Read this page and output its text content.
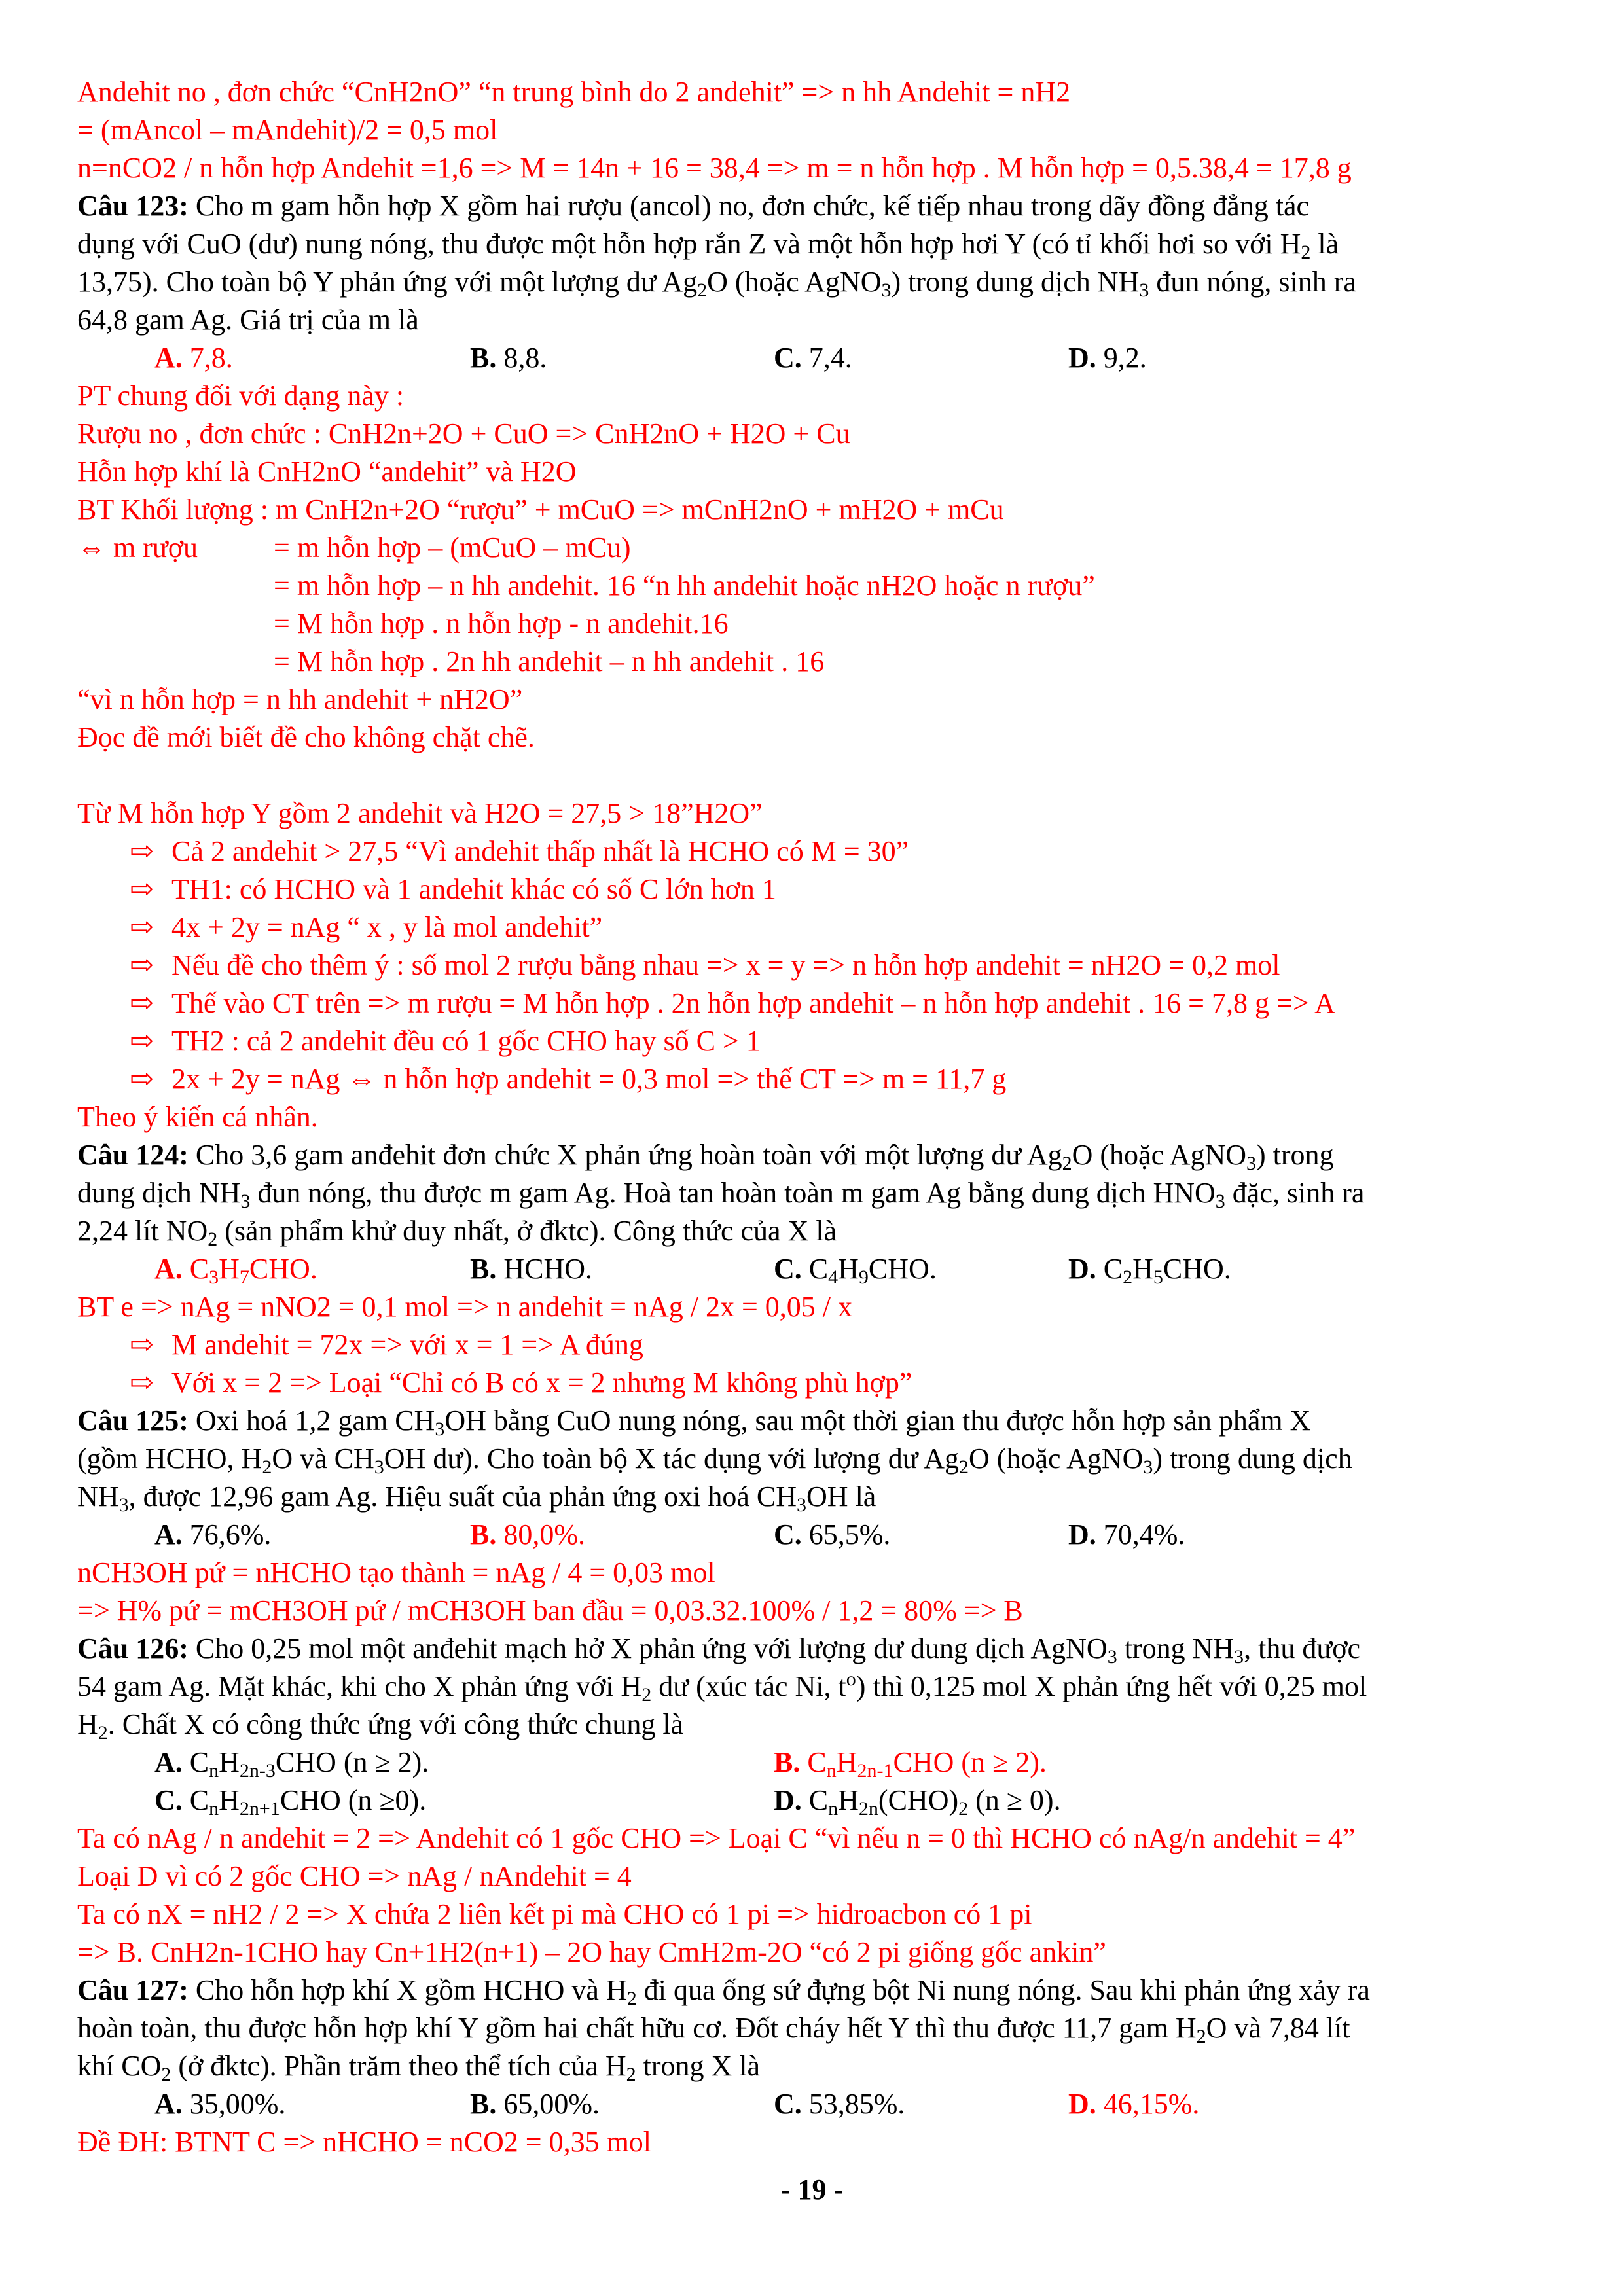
Andehit no , đơn chức “CnH2nO” “n trung bình do 2 andehit” => n hh Andehit = nH2
= (mAncol – mAndehit)/2 = 0,5 mol
n=nCO2 / n hỗn hợp Andehit =1,6 => M = 14n + 16 = 38,4 => m = n hỗn hợp . M hỗn hợp = 0,5.38,4 = 17,8 g
Câu 123: Cho m gam hỗn hợp X gồm hai rượu (ancol) no, đơn chức, kế tiếp nhau trong dãy đồng đẳng tác
dụng với CuO (dư) nung nóng, thu được một hỗn hợp rắn Z và một hỗn hợp hơi Y (có tỉ khối hơi so với $H_2$ là
13,75). Cho toàn bộ Y phản ứng với một lượng dư $Ag_2O$ (hoặc AgNO$_3$) trong dung dịch $NH_3$ đun nóng, sinh ra
64,8 gam Ag. Giá trị của m là
A. 7,8.	B. 8,8.	C. 7,4.	D. 9,2.
PT chung đối với dạng này :
Rượu no , đơn chức : CnH2n+2O + CuO => CnH2nO + H2O + Cu
Hỗn hợp khí là CnH2nO “andehit” và H2O
BT Khối lượng : m CnH2n+2O “rượu” + mCuO => mCnH2nO + mH2O + mCu
⇔ m rượu	= m hỗn hợp – (mCuO – mCu)
= m hỗn hợp – n hh andehit. 16 “n hh andehit hoặc nH2O hoặc n rượu”
= M hỗn hợp . n hỗn hợp - n andehit.16
= M hỗn hợp . 2n hh andehit – n hh andehit . 16
“vì n hỗn hợp = n hh andehit + nH2O”
Đọc đề mới biết đề cho không chặt chẽ.
Từ M hỗn hợp Y gồm 2 andehit và H2O = 27,5 > 18”H2O”
⇨ Cả 2 andehit > 27,5 “Vì andehit thấp nhất là HCHO có M = 30”
⇨ TH1: có HCHO và 1 andehit khác có số C lớn hơn 1
⇨ 4x + 2y = nAg “ x , y là mol andehit”
⇨ Nếu đề cho thêm ý : số mol 2 rượu bằng nhau => x = y => n hỗn hợp andehit = nH2O = 0,2 mol
⇨ Thế vào CT trên => m rượu = M hỗn hợp . 2n hỗn hợp andehit – n hỗn hợp andehit . 16 = 7,8 g => A
⇨ TH2 : cả 2 andehit đều có 1 gốc CHO hay số C > 1
⇨ 2x + 2y = nAg ⇔ n hỗn hợp andehit = 0,3 mol => thế CT => m = 11,7 g
Theo ý kiến cá nhân.
Câu 124: Cho 3,6 gam anđehit đơn chức X phản ứng hoàn toàn với một lượng dư $Ag_2O$ (hoặc AgNO$_3$) trong
dung dịch $NH_3$ đun nóng, thu được m gam Ag. Hoà tan hoàn toàn m gam Ag bằng dung dịch $HNO_3$ đặc, sinh ra
2,24 lít $NO_2$ (sản phẩm khử duy nhất, ở đktc). Công thức của X là
A. $C_3H_7CHO$.	B. HCHO.	C. $C_4H_9CHO$.	D. $C_2H_5CHO$.
BT e => nAg = nNO2 = 0,1 mol => n andehit = nAg / 2x = 0,05 / x
⇨ M andehit = 72x => với x = 1 => A đúng
⇨ Với x = 2 => Loại “Chỉ có B có x = 2 nhưng M không phù hợp”
Câu 125: Oxi hoá 1,2 gam $CH_3OH$ bằng CuO nung nóng, sau một thời gian thu được hỗn hợp sản phẩm X
(gồm HCHO, $H_2O$ và $CH_3OH$ dư). Cho toàn bộ X tác dụng với lượng dư $Ag_2O$ (hoặc AgNO$_3$) trong dung dịch
$NH_3$, được 12,96 gam Ag. Hiệu suất của phản ứng oxi hoá $CH_3OH$ là
A. 76,6%.	B. 80,0%.	C. 65,5%.	D. 70,4%.
nCH3OH pứ = nHCHO tạo thành = nAg / 4 = 0,03 mol
=> H% pứ = mCH3OH pứ / mCH3OH ban đầu = 0,03.32.100% / 1,2 = 80% => B
Câu 126: Cho 0,25 mol một anđehit mạch hở X phản ứng với lượng dư dung dịch AgNO$_3$ trong $NH_3$, thu được
54 gam Ag. Mặt khác, khi cho X phản ứng với $H_2$ dư (xúc tác Ni, $t^o$) thì 0,125 mol X phản ứng hết với 0,25 mol
$H_2$. Chất X có công thức ứng với công thức chung là
A. $C_nH_{2n-3}CHO$ (n ≥ 2).	B. $C_nH_{2n-1}CHO$ (n ≥ 2).
C. $C_nH_{2n+1}CHO$ (n ≥0).	D. $C_nH_{2n}(CHO)_2$ (n ≥ 0).
Ta có nAg / n andehit = 2 => Andehit có 1 gốc CHO => Loại C “vì nếu n = 0 thì HCHO có nAg/n andehit = 4”
Loại D vì có 2 gốc CHO => nAg / nAndehit = 4
Ta có nX = nH2 / 2 => X chứa 2 liên kết pi mà CHO có 1 pi => hidroacbon có 1 pi
=> B. CnH2n-1CHO hay Cn+1H2(n+1) – 2O hay CmH2m-2O “có 2 pi giống gốc ankin”
Câu 127: Cho hỗn hợp khí X gồm HCHO và $H_2$ đi qua ống sứ đựng bột Ni nung nóng. Sau khi phản ứng xảy ra
hoàn toàn, thu được hỗn hợp khí Y gồm hai chất hữu cơ. Đốt cháy hết Y thì thu được 11,7 gam $H_2O$ và 7,84 lít
khí $CO_2$ (ở đktc). Phần trăm theo thể tích của $H_2$ trong X là
A. 35,00%.	B. 65,00%.	C. 53,85%.	D. 46,15%.
Đề ĐH: BTNT C => nHCHO = nCO2 = 0,35 mol
- 19 -
